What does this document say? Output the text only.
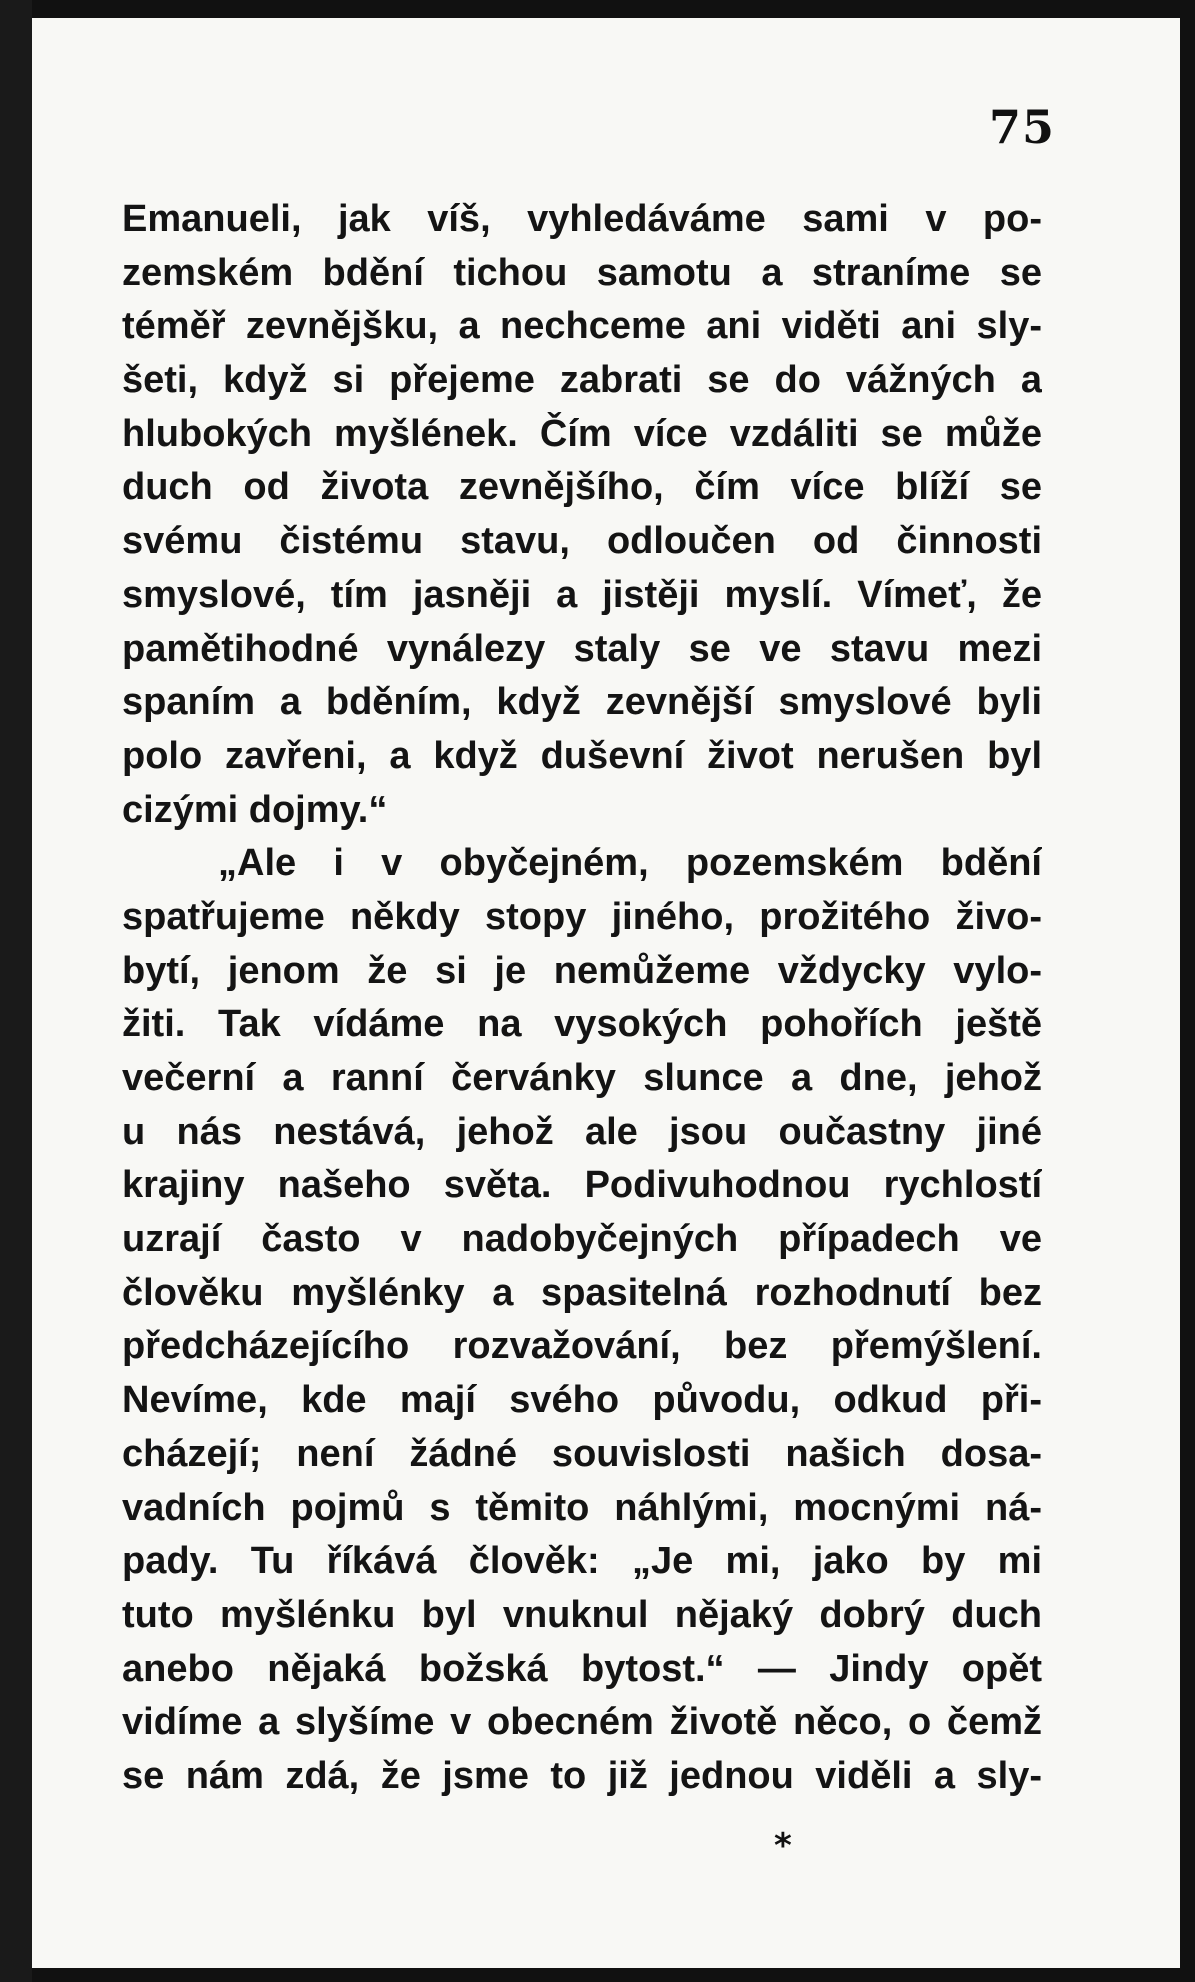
75
Emanueli, jak víš, vyhledáváme sami v po-
zemském bdění tichou samotu a straníme se
téměř zevnějšku, a nechceme ani viděti ani sly-
šeti, když si přejeme zabrati se do vážných a
hlubokých myšlének. Čím více vzdáliti se může
duch od života zevnějšího, čím více blíží se
svému čistému stavu, odloučen od činnosti
smyslové, tím jasněji a jistěji myslí. Vímeť, že
pamětihodné vynálezy staly se ve stavu mezi
spaním a bděním, když zevnější smyslové byli
polo zavřeni, a když duševní život nerušen byl
cizými dojmy.“
„Ale i v obyčejném, pozemském bdění
spatřujeme někdy stopy jiného, prožitého živo-
bytí, jenom že si je nemůžeme vždycky vylo-
žiti. Tak vídáme na vysokých pohořích ještě
večerní a ranní červánky slunce a dne, jehož
u nás nestává, jehož ale jsou oučastny jiné
krajiny našeho světa. Podivuhodnou rychlostí
uzrají často v nadobyčejných případech ve
člověku myšlénky a spasitelná rozhodnutí bez
předcházejícího rozvažování, bez přemýšlení.
Nevíme, kde mají svého původu, odkud při-
cházejí; není žádné souvislosti našich dosa-
vadních pojmů s těmito náhlými, mocnými ná-
pady. Tu říkává člověk: „Je mi, jako by mi
tuto myšlénku byl vnuknul nějaký dobrý duch
anebo nějaká božská bytost.“ — Jindy opět
vidíme a slyšíme v obecném životě něco, o čemž
se nám zdá, že jsme to již jednou viděli a sly-
*
